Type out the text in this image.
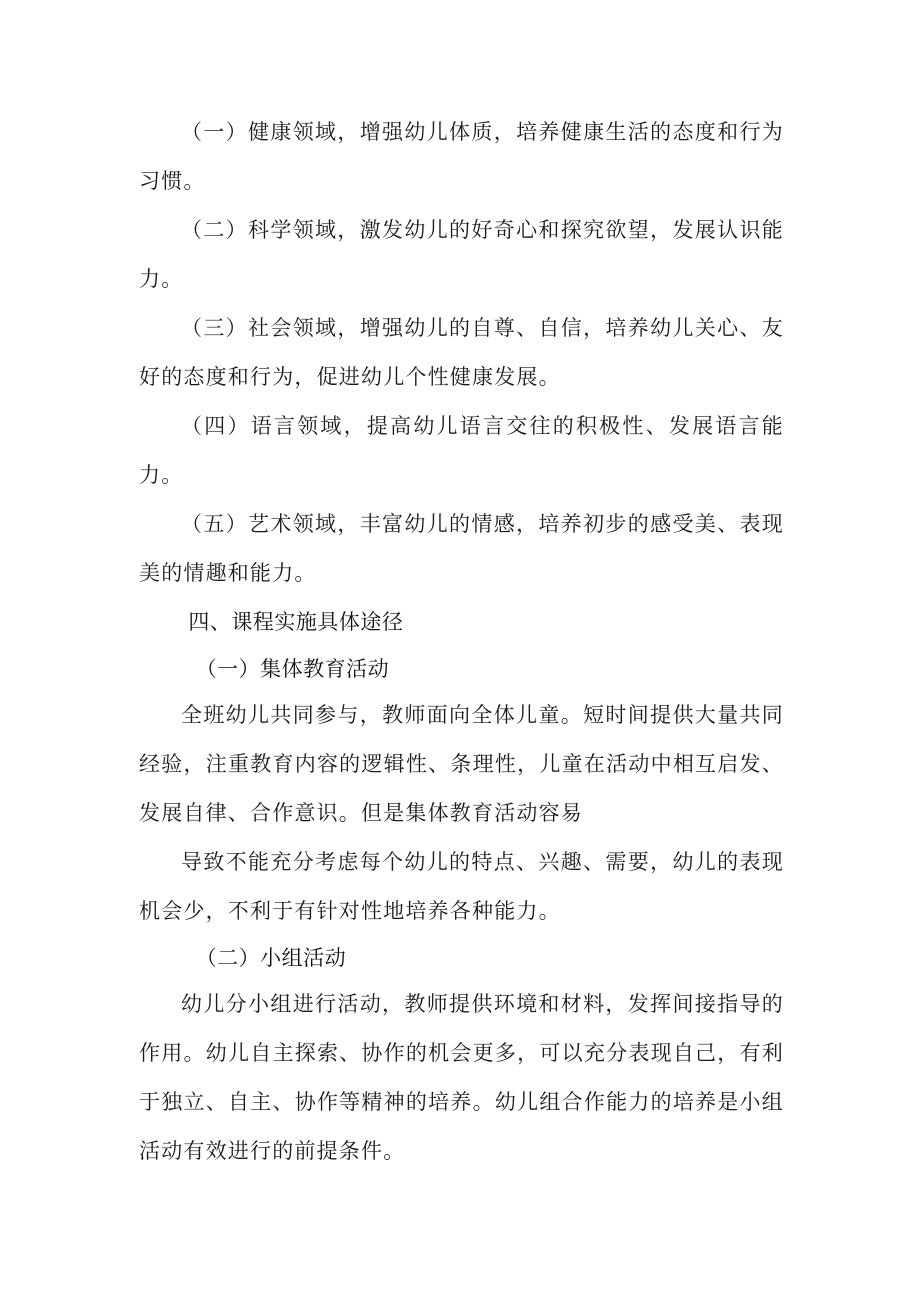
（一）健康领域，增强幼儿体质，培养健康生活的态度和行为习惯。

（二）科学领域，激发幼儿的好奇心和探究欲望，发展认识能力。

（三）社会领域，增强幼儿的自尊、自信，培养幼儿关心、友好的态度和行为，促进幼儿个性健康发展。

（四）语言领域，提高幼儿语言交往的积极性、发展语言能力。

（五）艺术领域，丰富幼儿的情感，培养初步的感受美、表现美的情趣和能力。

四、课程实施具体途径

（一）集体教育活动

全班幼儿共同参与，教师面向全体儿童。短时间提供大量共同经验，注重教育内容的逻辑性、条理性，儿童在活动中相互启发、发展自律、合作意识。但是集体教育活动容易

导致不能充分考虑每个幼儿的特点、兴趣、需要，幼儿的表现机会少，不利于有针对性地培养各种能力。

（二）小组活动

幼儿分小组进行活动，教师提供环境和材料，发挥间接指导的作用。幼儿自主探索、协作的机会更多，可以充分表现自己，有利于独立、自主、协作等精神的培养。幼儿组合作能力的培养是小组活动有效进行的前提条件。
